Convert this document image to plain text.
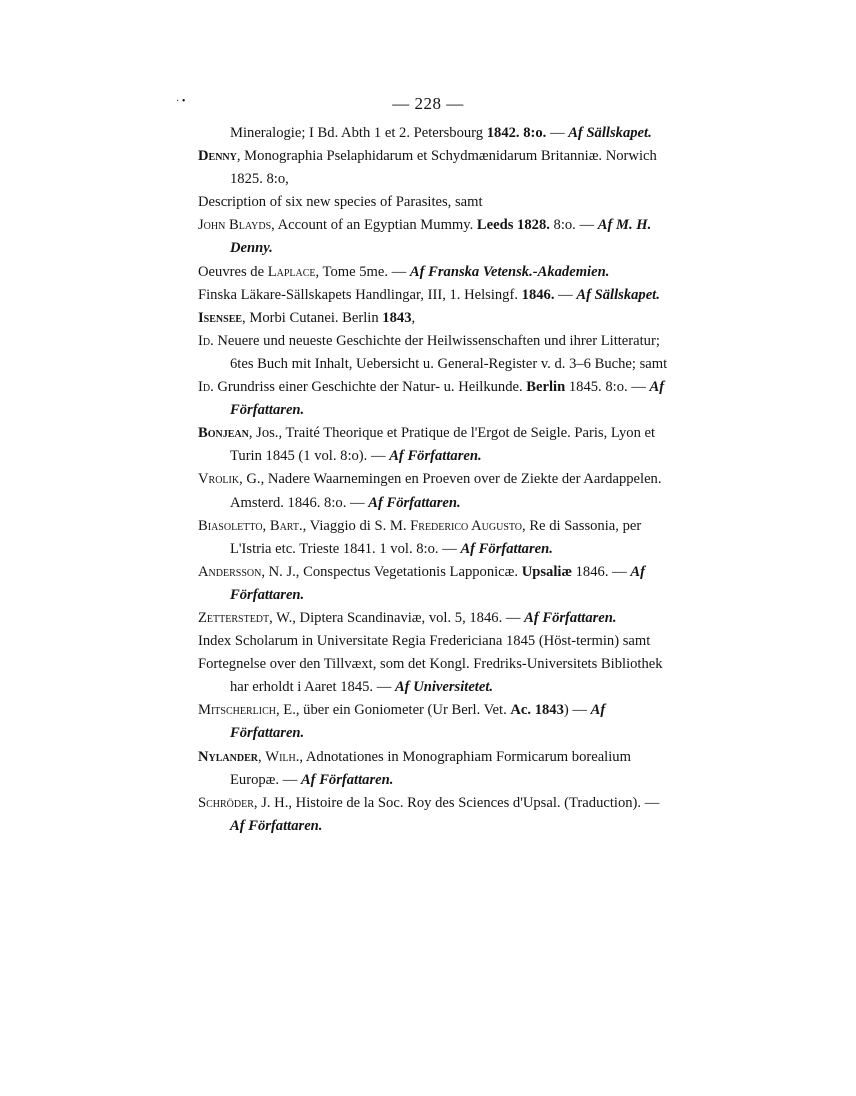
· •	— 228 —
Mineralogie; I Bd. Abth 1 et 2. Petersbourg 1842. 8:o. — Af Sällskapet.
Denny, Monographia Pselaphidarum et Schydmænidarum Britanniæ. Norwich 1825. 8:o,
Description of six new species of Parasites, samt
John Blayds, Account of an Egyptian Mummy. Leeds 1828. 8:o. — Af M. H. Denny.
Oeuvres de Laplace, Tome 5me. — Af Franska Vetensk.-Akademien.
Finska Läkare-Sällskapets Handlingar, III, 1. Helsingf. 1846. — Af Sällskapet.
Isensee, Morbi Cutanei. Berlin 1843,
Id. Neuere und neueste Geschichte der Heilwissenschaften und ihrer Litteratur; 6tes Buch mit Inhalt, Uebersicht u. General-Register v. d. 3–6 Buche; samt
Id. Grundriss einer Geschichte der Natur- u. Heilkunde. Berlin 1845. 8:o. — Af Författaren.
Bonjean, Jos., Traité Theorique et Pratique de l'Ergot de Seigle. Paris, Lyon et Turin 1845 (1 vol. 8:o). — Af Författaren.
Vrolik, G., Nadere Waarnemingen en Proeven over de Ziekte der Aardappelen. Amsterd. 1846. 8:o. — Af Författaren.
Biasoletto, Bart., Viaggio di S. M. Frederico Augusto, Re di Sassonia, per L'Istria etc. Trieste 1841. 1 vol. 8:o. — Af Författaren.
Andersson, N. J., Conspectus Vegetationis Lapponicæ. Upsaliæ 1846. — Af Författaren.
Zetterstedt, W., Diptera Scandinaviæ, vol. 5, 1846. — Af Författaren.
Index Scholarum in Universitate Regia Fredericiana 1845 (Höst-termin) samt
Fortegnelse over den Tillvæxt, som det Kongl. Fredriks-Universitets Bibliothek har erholdt i Aaret 1845. — Af Universitetet.
Mitscherlich, E., über ein Goniometer (Ur Berl. Vet. Ac. 1843) — Af Författaren.
Nylander, Wilh., Adnotationes in Monographiam Formicarum borealium Europæ. — Af Författaren.
Schröder, J. H., Histoire de la Soc. Roy des Sciences d'Upsal. (Traduction). — Af Författaren.
